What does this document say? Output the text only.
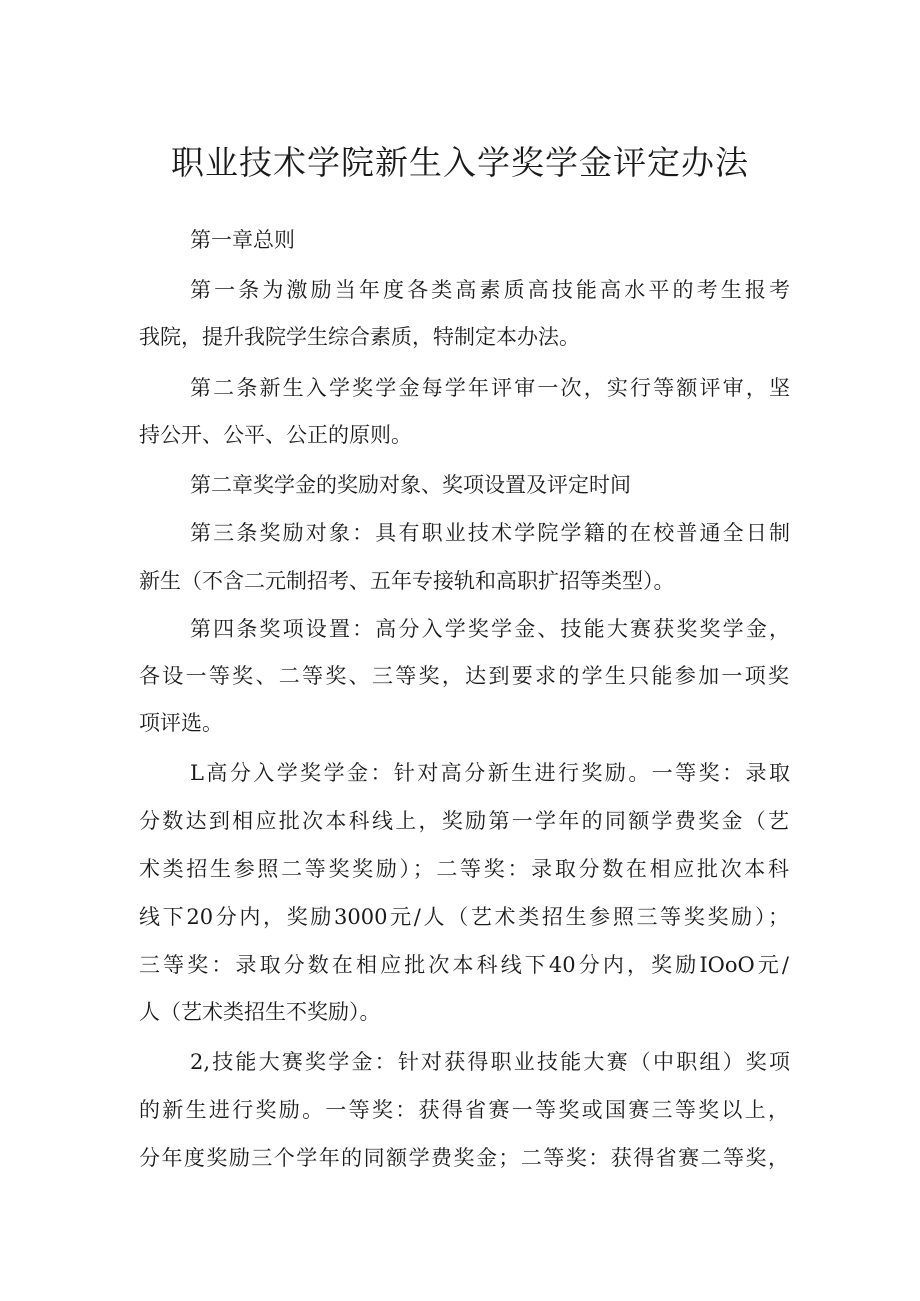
职业技术学院新生入学奖学金评定办法

第一章总则

第一条为激励当年度各类高素质高技能高水平的考生报考

我院，提升我院学生综合素质，特制定本办法。

第二条新生入学奖学金每学年评审一次，实行等额评审，坚

持公开、公平、公正的原则。

第二章奖学金的奖励对象、奖项设置及评定时间

第三条奖励对象：具有职业技术学院学籍的在校普通全日制

新生（不含二元制招考、五年专接轨和高职扩招等类型）。

第四条奖项设置：高分入学奖学金、技能大赛获奖奖学金，

各设一等奖、二等奖、三等奖，达到要求的学生只能参加一项奖

项评选。

L高分入学奖学金：针对高分新生进行奖励。一等奖：录取

分数达到相应批次本科线上，奖励第一学年的同额学费奖金（艺

术类招生参照二等奖奖励）；二等奖：录取分数在相应批次本科

线下20分内，奖励3000元/人（艺术类招生参照三等奖奖励）；

三等奖：录取分数在相应批次本科线下40分内，奖励IOoO元/

人（艺术类招生不奖励）。

2,技能大赛奖学金：针对获得职业技能大赛（中职组）奖项

的新生进行奖励。一等奖：获得省赛一等奖或国赛三等奖以上，

分年度奖励三个学年的同额学费奖金；二等奖：获得省赛二等奖，
